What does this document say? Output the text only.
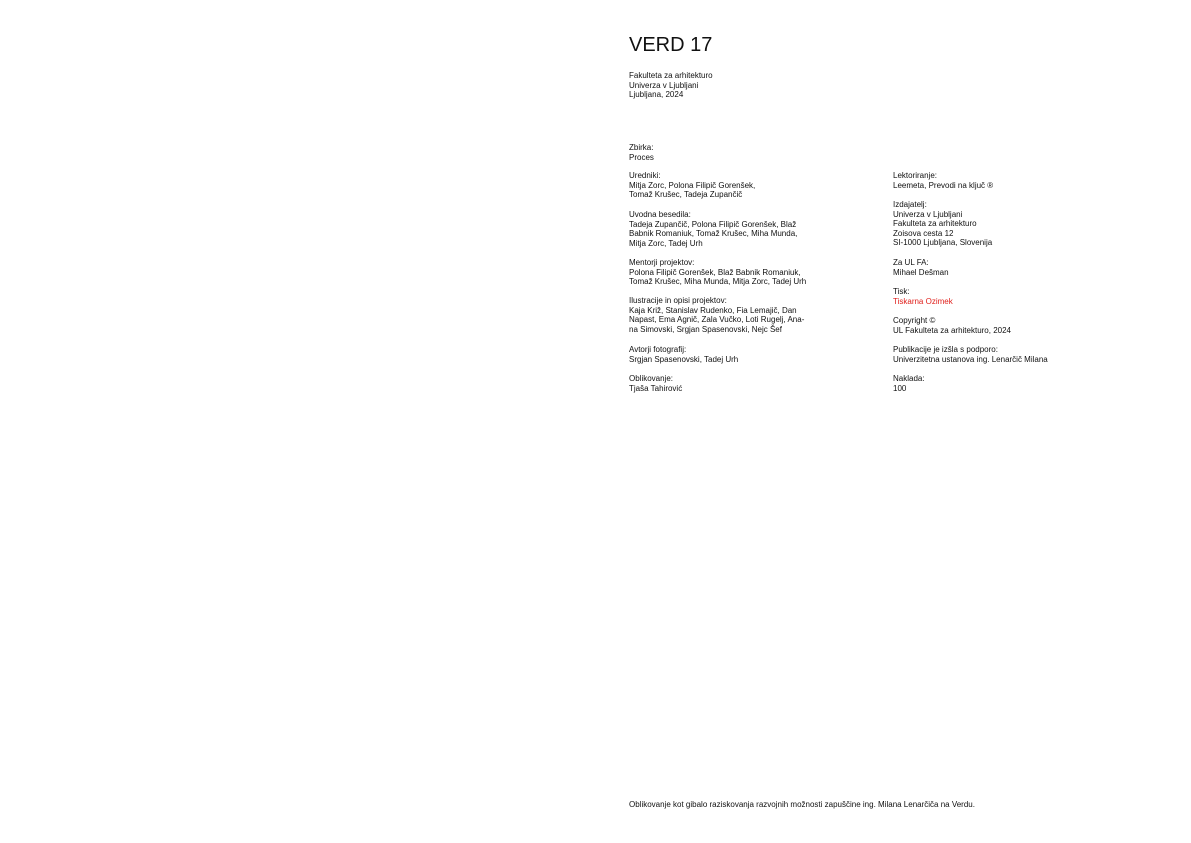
VERD 17
Fakulteta za arhitekturo
Univerza v Ljubljani
Ljubljana, 2024
Zbirka:
Proces
Uredniki:
Mitja Zorc, Polona Filipič Gorenšek,
Tomaž Krušec, Tadeja Zupančič
Uvodna besedila:
Tadeja Zupančič, Polona Filipič Gorenšek, Blaž
Babnik Romaniuk, Tomaž Krušec, Miha Munda,
Mitja Zorc, Tadej Urh
Mentorji projektov:
Polona Filipič Gorenšek, Blaž Babnik Romaniuk,
Tomaž Krušec, Miha Munda, Mitja Zorc, Tadej Urh
Ilustracije in opisi projektov:
Kaja Križ, Stanislav Rudenko, Fia Lemajič, Dan
Napast, Ema Agnič, Zala Vučko, Loti Rugelj, Ana-
na Simovski, Srgjan Spasenovski, Nejc Šef
Avtorji fotografij:
Srgjan Spasenovski, Tadej Urh
Oblikovanje:
Tjaša Tahirović
Lektoriranje:
Leemeta, Prevodi na ključ ®
Izdajatelj:
Univerza v Ljubljani
Fakulteta za arhitekturo
Zoisova cesta 12
SI-1000 Ljubljana, Slovenija
Za UL FA:
Mihael Dešman
Tisk:
Tiskarna Ozimek
Copyright ©
UL Fakulteta za arhitekturo, 2024
Publikacije je izšla s podporo:
Univerzitetna ustanova ing. Lenarčič Milana
Naklada:
100
Oblikovanje kot gibalo raziskovanja razvojnih možnosti zapuščine ing. Milana Lenarčiča na Verdu.
